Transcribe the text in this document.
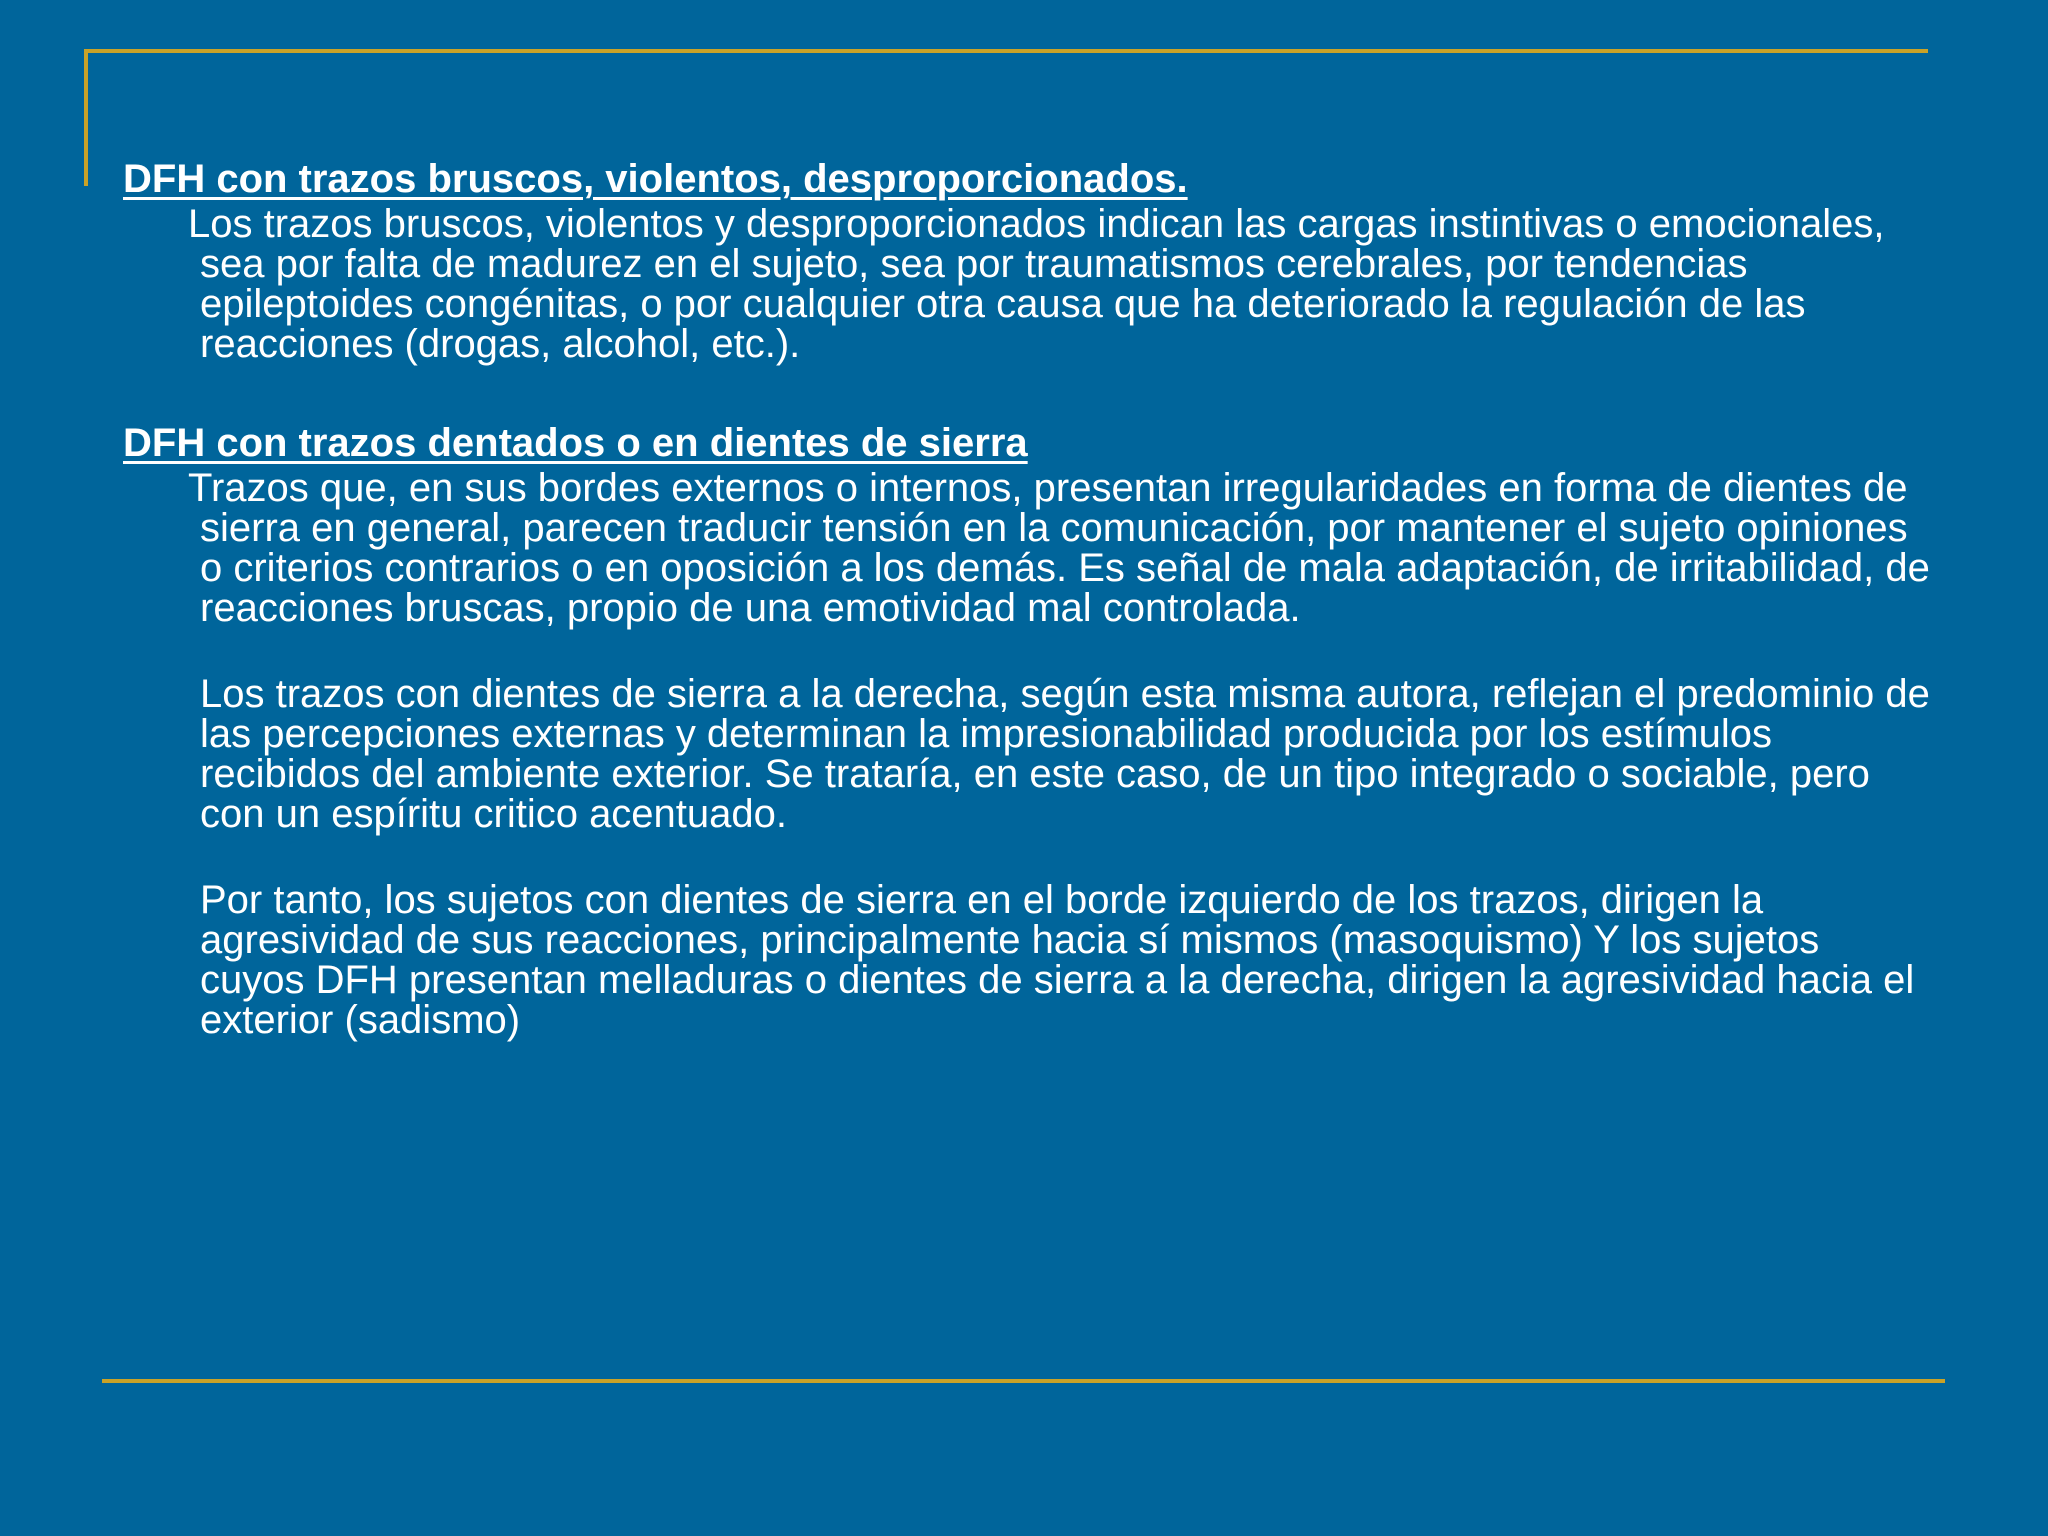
DFH con trazos bruscos, violentos, desproporcionados.

Los trazos bruscos, violentos y desproporcionados indican las cargas instintivas o emocionales, sea por falta de madurez en el sujeto, sea por traumatismos cerebrales, por tendencias epileptoides congénitas, o por cualquier otra causa que ha deteriorado la regulación de las reacciones (drogas, alcohol, etc.).

DFH con trazos dentados o en dientes de sierra

Trazos que, en sus bordes externos o internos, presentan irregularidades en forma de dientes de sierra en general, parecen traducir tensión en la comunicación, por mantener el sujeto opiniones o criterios contrarios o en oposición a los demás. Es señal de mala adaptación, de irritabilidad, de reacciones bruscas, propio de una emotividad mal controlada.

Los trazos con dientes de sierra a la derecha, según esta misma autora, reflejan el predominio de las percepciones externas y determinan la impresionabilidad producida por los estímulos recibidos del ambiente exterior. Se trataría, en este caso, de un tipo integrado o sociable, pero con un espíritu critico acentuado.

Por tanto, los sujetos con dientes de sierra en el borde izquierdo de los trazos, dirigen la agresividad de sus reacciones, principalmente hacia sí mismos (masoquismo) Y los sujetos cuyos DFH presentan melladuras o dientes de sierra a la derecha, dirigen la agresividad hacia el exterior (sadismo)
